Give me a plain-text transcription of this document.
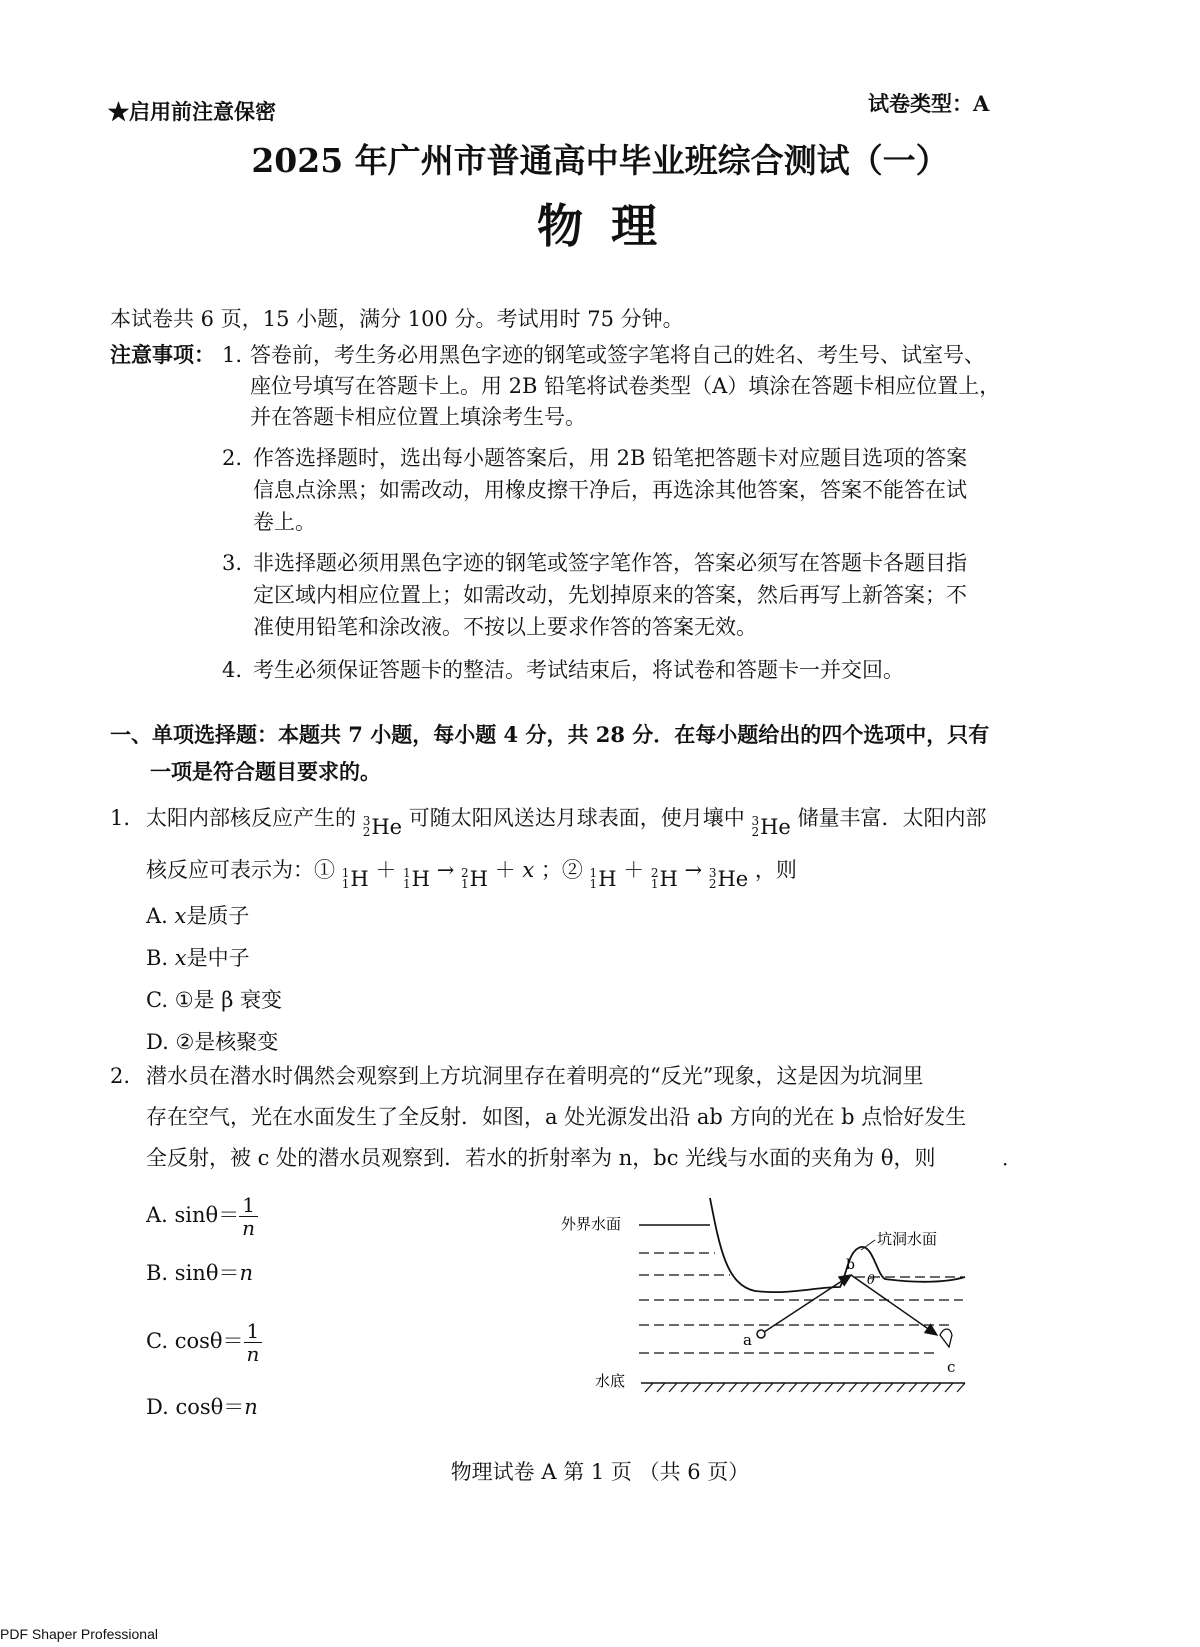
★启用前注意保密	试卷类型：A
2025 年广州市普通高中毕业班综合测试（一）
物 理
本试卷共 6 页，15 小题，满分 100 分。考试用时 75 分钟。
注意事项： 1. 答卷前，考生务必用黑色字迹的钢笔或签字笔将自己的姓名、考生号、试室号、
座位号填写在答题卡上。用 2B 铅笔将试卷类型（A）填涂在答题卡相应位置上，
并在答题卡相应位置上填涂考生号。
2. 作答选择题时，选出每小题答案后，用 2B 铅笔把答题卡对应题目选项的答案
信息点涂黑；如需改动，用橡皮擦干净后，再选涂其他答案，答案不能答在试
卷上。
3. 非选择题必须用黑色字迹的钢笔或签字笔作答，答案必须写在答题卡各题目指
定区域内相应位置上；如需改动，先划掉原来的答案，然后再写上新答案；不
准使用铅笔和涂改液。不按以上要求作答的答案无效。
4. 考生必须保证答题卡的整洁。考试结束后，将试卷和答题卡一并交回。
一、单项选择题：本题共 7 小题，每小题 4 分，共 28 分．在每小题给出的四个选项中，只有
一项是符合题目要求的。
1. 太阳内部核反应产生的 3
2 He 可随太阳风送达月球表面，使月壤中 3
2 He 储量丰富．太阳内部
核反应可表示为：① 1
1 H ＋ 1
1 H → 2
1 H ＋ x ；② 1
1 H ＋ 2
1 H → 3
2 He ，则
A. x是质子
B. x是中子
C. ①是 β 衰变
D. ②是核聚变
2. 潜水员在潜水时偶然会观察到上方坑洞里存在着明亮的“反光”现象，这是因为坑洞里
存在空气，光在水面发生了全反射．如图，a 处光源发出沿 ab 方向的光在 b 点恰好发生
全反射，被 c 处的潜水员观察到．若水的折射率为 n，bc 光线与水面的夹角为 θ，则	·
A. $\sin\theta= \frac{1}{n}$
B. sinθ＝n
C. $\cos\theta= \frac{1}{n}$
D. cosθ＝n
外界水面
坑洞水面
a
b
θ
c
水底
物理试卷 A 第 1 页 （共 6 页）
PDF Shaper Professional
